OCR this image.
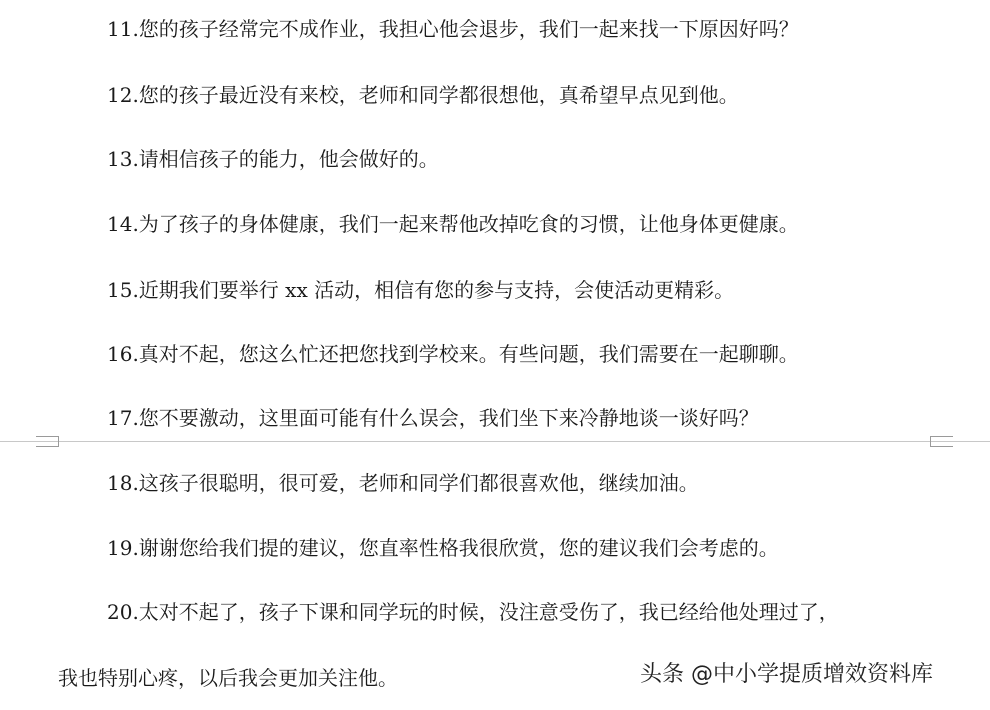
11.您的孩子经常完不成作业，我担心他会退步，我们一起来找一下原因好吗？
12.您的孩子最近没有来校，老师和同学都很想他，真希望早点见到他。
13.请相信孩子的能力，他会做好的。
14.为了孩子的身体健康，我们一起来帮他改掉吃食的习惯，让他身体更健康。
15.近期我们要举行 xx 活动，相信有您的参与支持，会使活动更精彩。
16.真对不起，您这么忙还把您找到学校来。有些问题，我们需要在一起聊聊。
17.您不要激动，这里面可能有什么误会，我们坐下来冷静地谈一谈好吗？
18.这孩子很聪明，很可爱，老师和同学们都很喜欢他，继续加油。
19.谢谢您给我们提的建议，您直率性格我很欣赏，您的建议我们会考虑的。
20.太对不起了，孩子下课和同学玩的时候，没注意受伤了，我已经给他处理过了，
我也特别心疼，以后我会更加关注他。	头条 @中小学提质增效资料库
